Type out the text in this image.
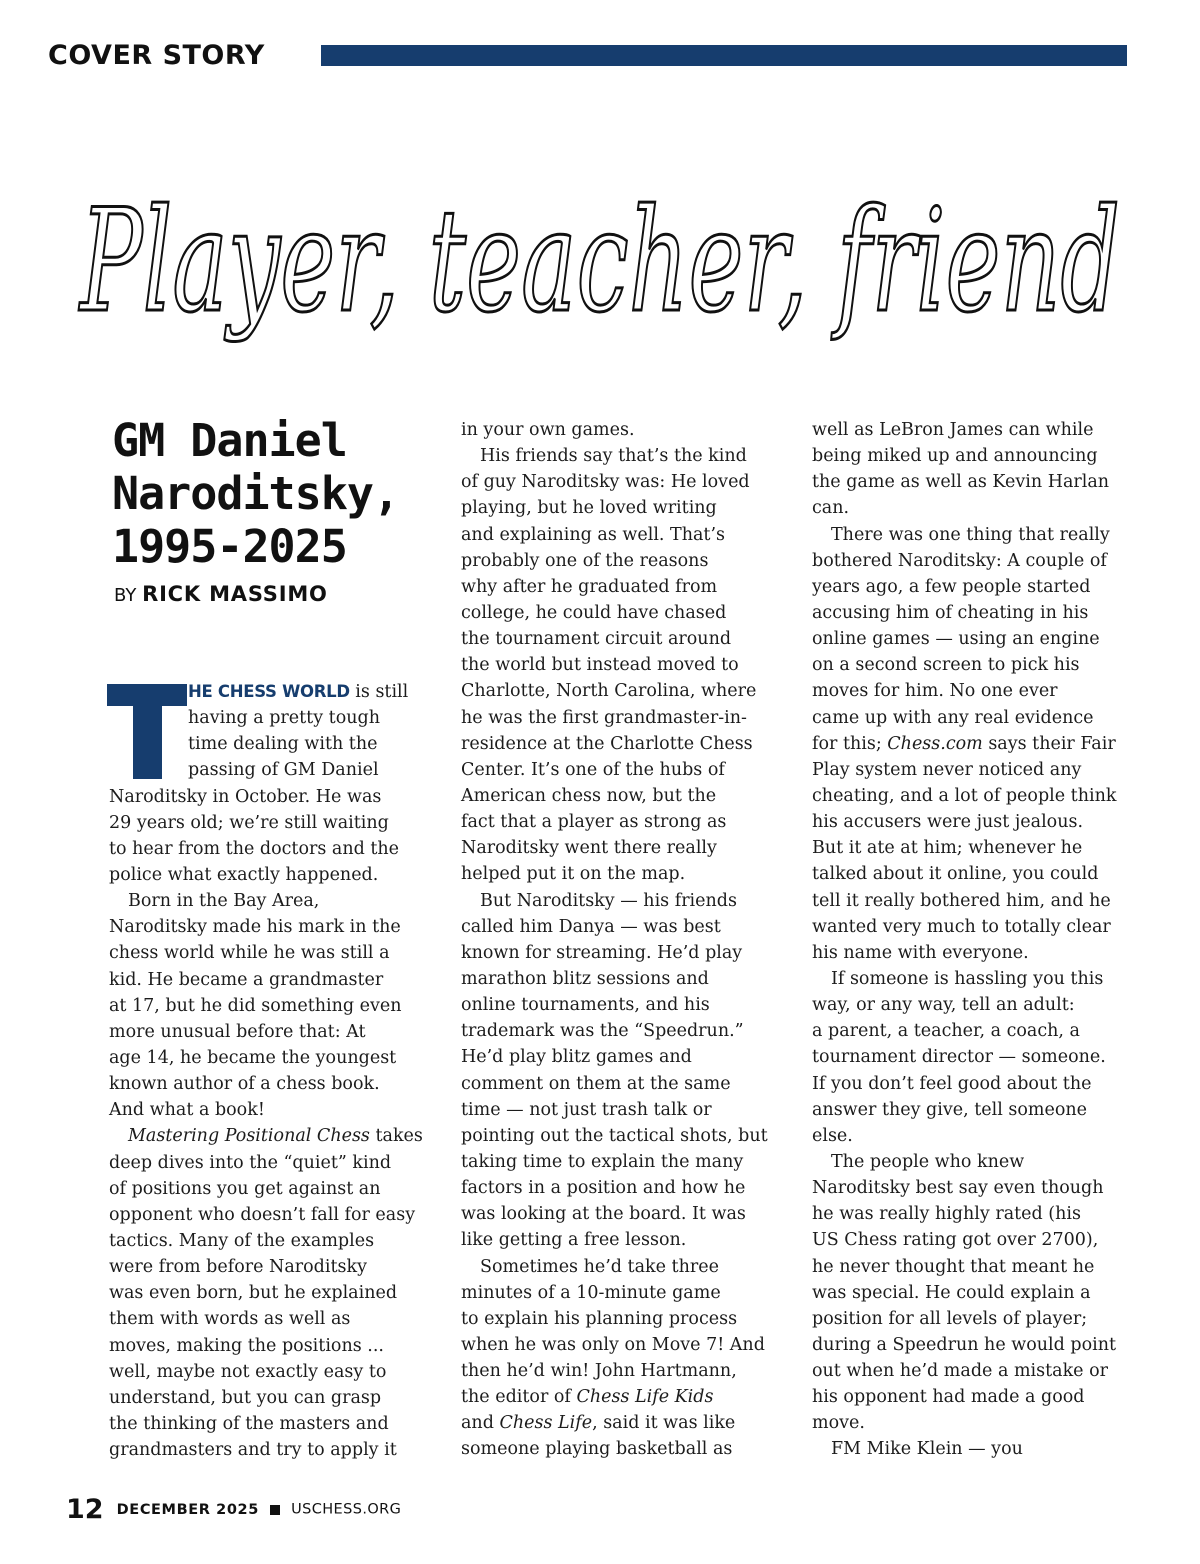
COVER STORY
Player, teacher, friend
GM Daniel
Naroditsky,
1995-2025
BY RICK MASSIMO
HE CHESS WORLD is still
having a pretty tough
time dealing with the
passing of GM Daniel
Naroditsky in October. He was
29 years old; we’re still waiting
to hear from the doctors and the
police what exactly happened.
Born in the Bay Area,
Naroditsky made his mark in the
chess world while he was still a
kid. He became a grandmaster
at 17, but he did something even
more unusual before that: At
age 14, he became the youngest
known author of a chess book.
And what a book!
Mastering Positional Chess takes
deep dives into the “quiet” kind
of positions you get against an
opponent who doesn’t fall for easy
tactics. Many of the examples
were from before Naroditsky
was even born, but he explained
them with words as well as
moves, making the positions ...
well, maybe not exactly easy to
understand, but you can grasp
the thinking of the masters and
grandmasters and try to apply it
in your own games.
His friends say that’s the kind
of guy Naroditsky was: He loved
playing, but he loved writing
and explaining as well. That’s
probably one of the reasons
why after he graduated from
college, he could have chased
the tournament circuit around
the world but instead moved to
Charlotte, North Carolina, where
he was the first grandmaster-in-
residence at the Charlotte Chess
Center. It’s one of the hubs of
American chess now, but the
fact that a player as strong as
Naroditsky went there really
helped put it on the map.
But Naroditsky — his friends
called him Danya — was best
known for streaming. He’d play
marathon blitz sessions and
online tournaments, and his
trademark was the “Speedrun.”
He’d play blitz games and
comment on them at the same
time — not just trash talk or
pointing out the tactical shots, but
taking time to explain the many
factors in a position and how he
was looking at the board. It was
like getting a free lesson.
Sometimes he’d take three
minutes of a 10-minute game
to explain his planning process
when he was only on Move 7! And
then he’d win! John Hartmann,
the editor of Chess Life Kids
and Chess Life, said it was like
someone playing basketball as
well as LeBron James can while
being miked up and announcing
the game as well as Kevin Harlan
can.
There was one thing that really
bothered Naroditsky: A couple of
years ago, a few people started
accusing him of cheating in his
online games — using an engine
on a second screen to pick his
moves for him. No one ever
came up with any real evidence
for this; Chess.com says their Fair
Play system never noticed any
cheating, and a lot of people think
his accusers were just jealous.
But it ate at him; whenever he
talked about it online, you could
tell it really bothered him, and he
wanted very much to totally clear
his name with everyone.
If someone is hassling you this
way, or any way, tell an adult:
a parent, a teacher, a coach, a
tournament director — someone.
If you don’t feel good about the
answer they give, tell someone
else.
The people who knew
Naroditsky best say even though
he was really highly rated (his
US Chess rating got over 2700),
he never thought that meant he
was special. He could explain a
position for all levels of player;
during a Speedrun he would point
out when he’d made a mistake or
his opponent had made a good
move.
FM Mike Klein — you
12 DECEMBER 2025 USCHESS.ORG
